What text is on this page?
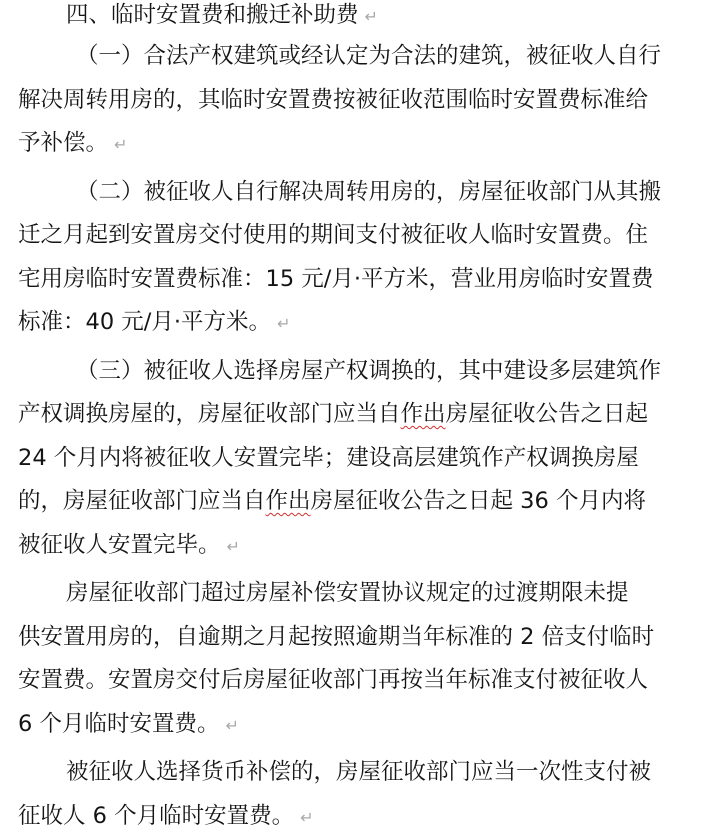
四、临时安置费和搬迁补助费 ↵
（一）合法产权建筑或经认定为合法的建筑，被征收人自行
解决周转用房的，其临时安置费按被征收范围临时安置费标准给
予补偿。 ↵
（二）被征收人自行解决周转用房的，房屋征收部门从其搬
迁之月起到安置房交付使用的期间支付被征收人临时安置费。住
宅用房临时安置费标准：15 元/月·平方米，营业用房临时安置费
标准：40 元/月·平方米。 ↵
（三）被征收人选择房屋产权调换的，其中建设多层建筑作
产权调换房屋的，房屋征收部门应当自作出房屋征收公告之日起
24 个月内将被征收人安置完毕；建设高层建筑作产权调换房屋
的，房屋征收部门应当自作出房屋征收公告之日起 36 个月内将
被征收人安置完毕。 ↵
房屋征收部门超过房屋补偿安置协议规定的过渡期限未提
供安置用房的，自逾期之月起按照逾期当年标准的 2 倍支付临时
安置费。安置房交付后房屋征收部门再按当年标准支付被征收人
6 个月临时安置费。 ↵
被征收人选择货币补偿的，房屋征收部门应当一次性支付被
征收人 6 个月临时安置费。 ↵
